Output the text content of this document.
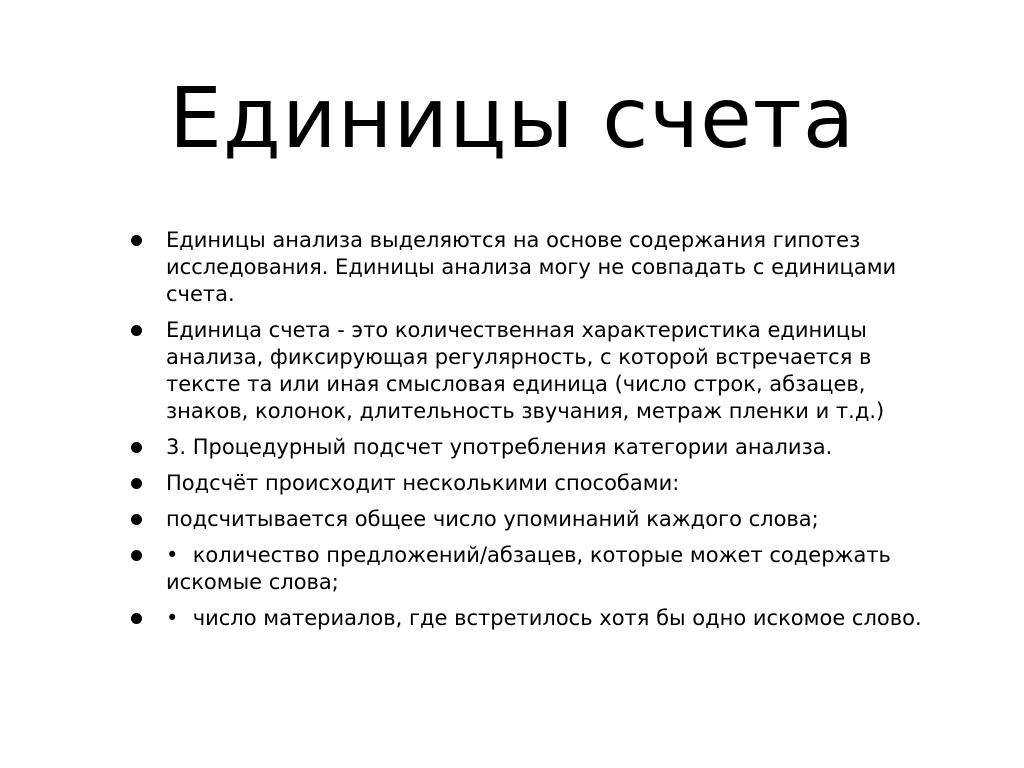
Единицы счета
Единицы анализа выделяются на основе содержания гипотез исследования. Единицы анализа могу не совпадать с единицами счета.
Единица счета - это количественная характеристика единицы анализа, фиксирующая регулярность, с которой встречается в тексте та или иная смысловая единица (число строк, абзацев, знаков, колонок, длительность звучания, метраж пленки и т.д.)
3. Процедурный подсчет употребления категории анализа.
Подсчёт происходит несколькими способами:
подсчитывается общее число упоминаний каждого слова;
•	количество предложений/абзацев, которые может содержать искомые слова;
•	число материалов, где встретилось хотя бы одно искомое слово.
